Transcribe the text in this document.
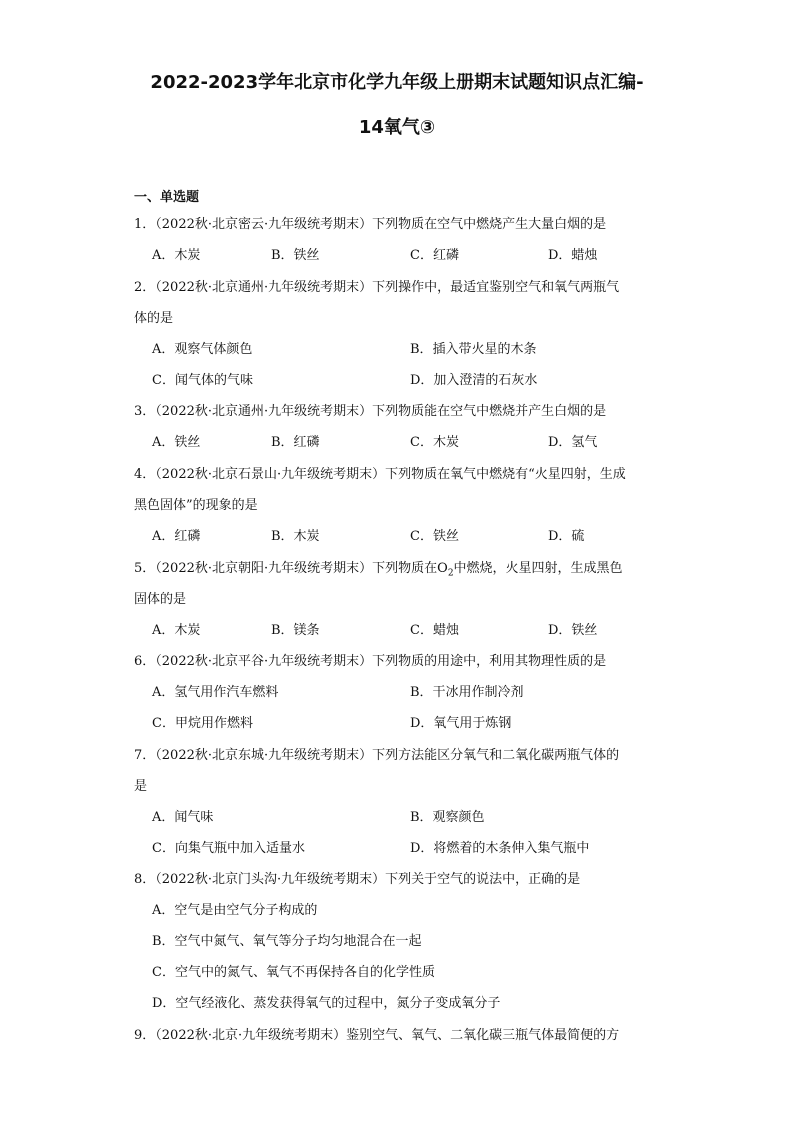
2022-2023学年北京市化学九年级上册期末试题知识点汇编-
14氧气③
一、单选题
1．（2022秋·北京密云·九年级统考期末）下列物质在空气中燃烧产生大量白烟的是
A．木炭	B．铁丝	C．红磷	D．蜡烛
2．（2022秋·北京通州·九年级统考期末）下列操作中，最适宜鉴别空气和氧气两瓶气
体的是
A．观察气体颜色	B．插入带火星的木条
C．闻气体的气味	D．加入澄清的石灰水
3．（2022秋·北京通州·九年级统考期末）下列物质能在空气中燃烧并产生白烟的是
A．铁丝	B．红磷	C．木炭	D．氢气
4．（2022秋·北京石景山·九年级统考期末）下列物质在氧气中燃烧有“火星四射，生成
黑色固体”的现象的是
A．红磷	B．木炭	C．铁丝	D．硫
5．（2022秋·北京朝阳·九年级统考期末）下列物质在$O_2$中燃烧，火星四射，生成黑色
固体的是
A．木炭	B．镁条	C．蜡烛	D．铁丝
6．（2022秋·北京平谷·九年级统考期末）下列物质的用途中，利用其物理性质的是
A．氢气用作汽车燃料	B．干冰用作制冷剂
C．甲烷用作燃料	D．氧气用于炼钢
7．（2022秋·北京东城·九年级统考期末）下列方法能区分氧气和二氧化碳两瓶气体的
是
A．闻气味	B．观察颜色
C．向集气瓶中加入适量水	D．将燃着的木条伸入集气瓶中
8．（2022秋·北京门头沟·九年级统考期末）下列关于空气的说法中，正确的是
A．空气是由空气分子构成的
B．空气中氮气、氧气等分子均匀地混合在一起
C．空气中的氮气、氧气不再保持各自的化学性质
D．空气经液化、蒸发获得氧气的过程中，氮分子变成氧分子
9．（2022秋·北京·九年级统考期末）鉴别空气、氧气、二氧化碳三瓶气体最简便的方
